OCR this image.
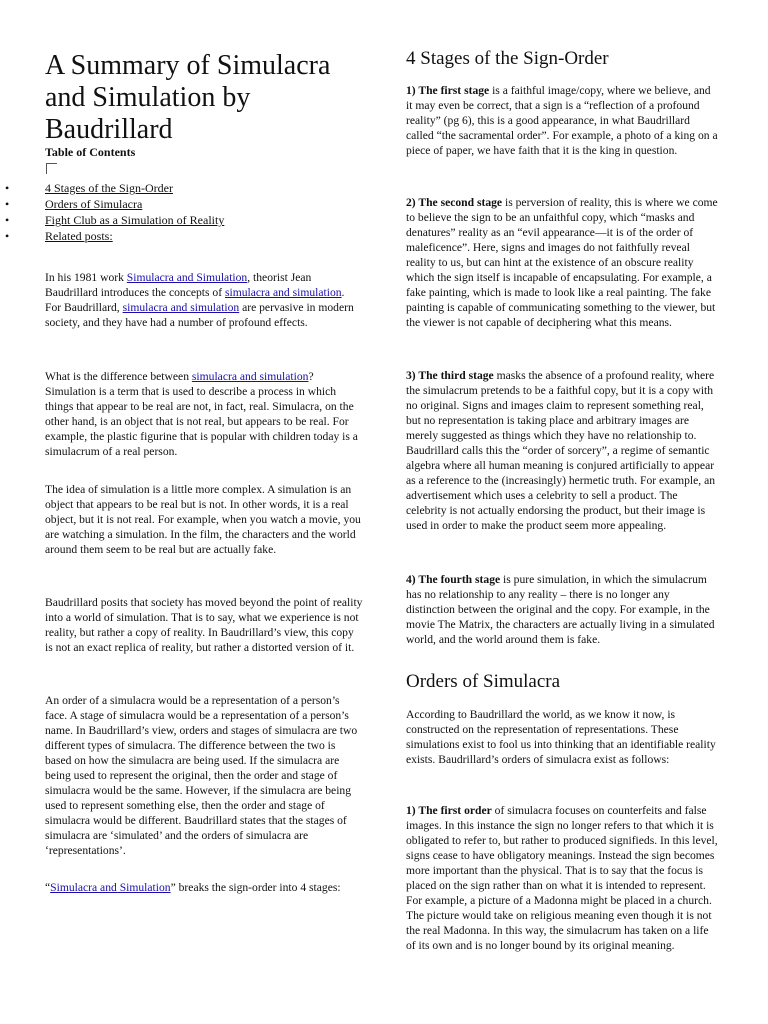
A Summary of Simulacra and Simulation by Baudrillard
Table of Contents
• 4 Stages of the Sign-Order
• Orders of Simulacra
• Fight Club as a Simulation of Reality
• Related posts:

In his 1981 work Simulacra and Simulation, theorist Jean Baudrillard introduces the concepts of simulacra and simulation. For Baudrillard, simulacra and simulation are pervasive in modern society, and they have had a number of profound effects.

What is the difference between simulacra and simulation? Simulation is a term that is used to describe a process in which things that appear to be real are not, in fact, real. Simulacra, on the other hand, is an object that is not real, but appears to be real. For example, the plastic figurine that is popular with children today is a simulacrum of a real person.

The idea of simulation is a little more complex. A simulation is an object that appears to be real but is not. In other words, it is a real object, but it is not real. For example, when you watch a movie, you are watching a simulation. In the film, the characters and the world around them seem to be real but are actually fake.

Baudrillard posits that society has moved beyond the point of reality into a world of simulation. That is to say, what we experience is not reality, but rather a copy of reality. In Baudrillard’s view, this copy is not an exact replica of reality, but rather a distorted version of it.

An order of a simulacra would be a representation of a person’s face. A stage of simulacra would be a representation of a person’s name. In Baudrillard’s view, orders and stages of simulacra are two different types of simulacra. The difference between the two is based on how the simulacra are being used. If the simulacra are being used to represent the original, then the order and stage of simulacra would be the same. However, if the simulacra are being used to represent something else, then the order and stage of simulacra would be different. Baudrillard states that the stages of simulacra are ‘simulated’ and the orders of simulacra are ‘representations’.

“Simulacra and Simulation” breaks the sign-order into 4 stages:

4 Stages of the Sign-Order

1) The first stage is a faithful image/copy, where we believe, and it may even be correct, that a sign is a “reflection of a profound reality” (pg 6), this is a good appearance, in what Baudrillard called “the sacramental order”. For example, a photo of a king on a piece of paper, we have faith that it is the king in question.

2) The second stage is perversion of reality, this is where we come to believe the sign to be an unfaithful copy, which “masks and denatures” reality as an “evil appearance—it is of the order of maleficence”. Here, signs and images do not faithfully reveal reality to us, but can hint at the existence of an obscure reality which the sign itself is incapable of encapsulating. For example, a fake painting, which is made to look like a real painting. The fake painting is capable of communicating something to the viewer, but the viewer is not capable of deciphering what this means.

3) The third stage masks the absence of a profound reality, where the simulacrum pretends to be a faithful copy, but it is a copy with no original. Signs and images claim to represent something real, but no representation is taking place and arbitrary images are merely suggested as things which they have no relationship to. Baudrillard calls this the “order of sorcery”, a regime of semantic algebra where all human meaning is conjured artificially to appear as a reference to the (increasingly) hermetic truth. For example, an advertisement which uses a celebrity to sell a product. The celebrity is not actually endorsing the product, but their image is used in order to make the product seem more appealing.

4) The fourth stage is pure simulation, in which the simulacrum has no relationship to any reality – there is no longer any distinction between the original and the copy. For example, in the movie The Matrix, the characters are actually living in a simulated world, and the world around them is fake.

Orders of Simulacra

According to Baudrillard the world, as we know it now, is constructed on the representation of representations. These simulations exist to fool us into thinking that an identifiable reality exists. Baudrillard’s orders of simulacra exist as follows:

1) The first order of simulacra focuses on counterfeits and false images. In this instance the sign no longer refers to that which it is obligated to refer to, but rather to produced signifieds. In this level, signs cease to have obligatory meanings. Instead the sign becomes more important than the physical. That is to say that the focus is placed on the sign rather than on what it is intended to represent. For example, a picture of a Madonna might be placed in a church. The picture would take on religious meaning even though it is not the real Madonna. In this way, the simulacrum has taken on a life of its own and is no longer bound by its original meaning.
